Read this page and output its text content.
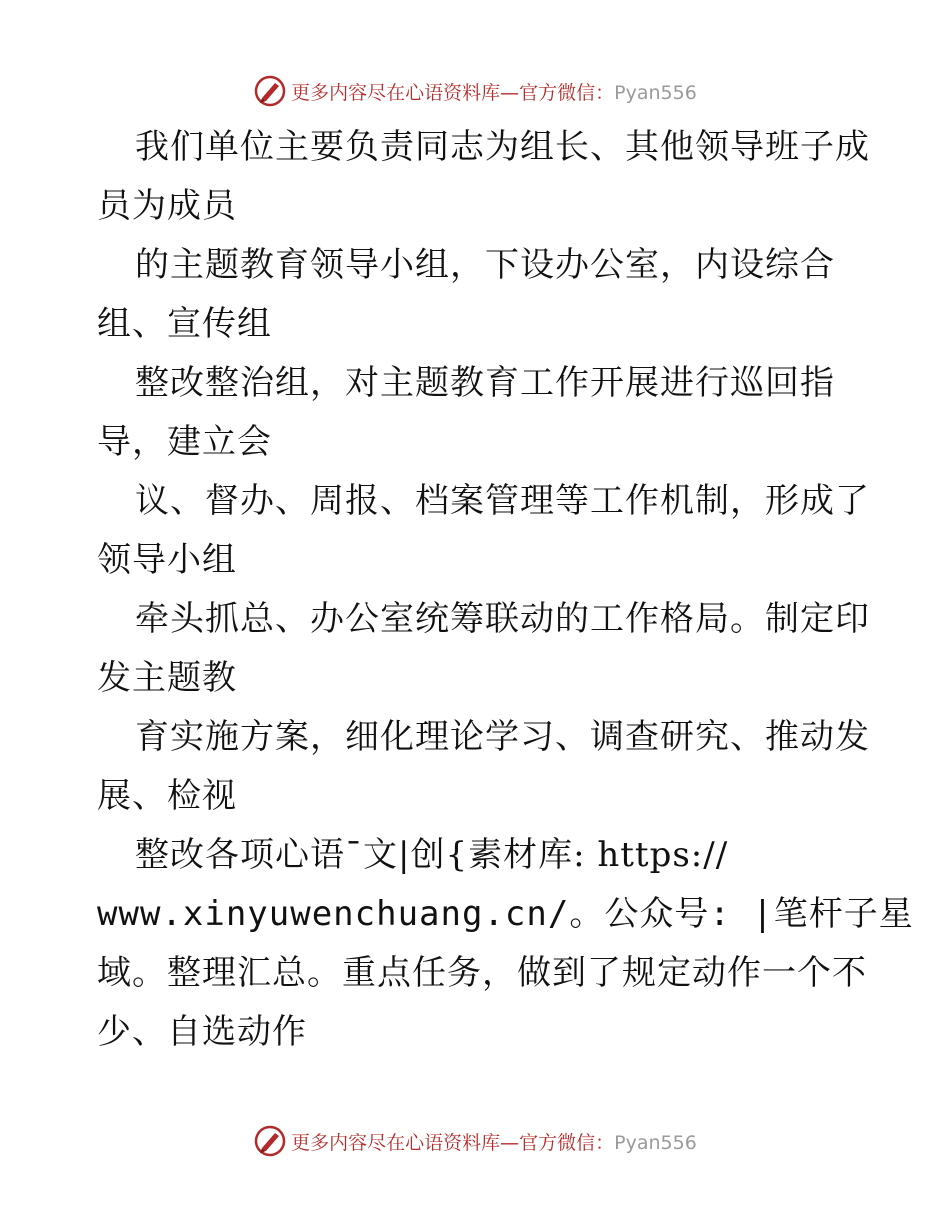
更多内容尽在心语资料库—官方微信：Pyan556
我们单位主要负责同志为组长、其他领导班子成
员为成员
的主题教育领导小组，下设办公室，内设综合
组、宣传组
整改整治组，对主题教育工作开展进行巡回指
导，建立会
议、督办、周报、档案管理等工作机制，形成了
领导小组
牵头抓总、办公室统筹联动的工作格局。制定印
发主题教
育实施方案，细化理论学习、调查研究、推动发
展、检视
整改各项心语¯文|创{素材库: https://
www.xinyuwenchuang.cn/。公众号: |笔杆子星
域。整理汇总。重点任务，做到了规定动作一个不
少、自选动作
更多内容尽在心语资料库—官方微信：Pyan556
